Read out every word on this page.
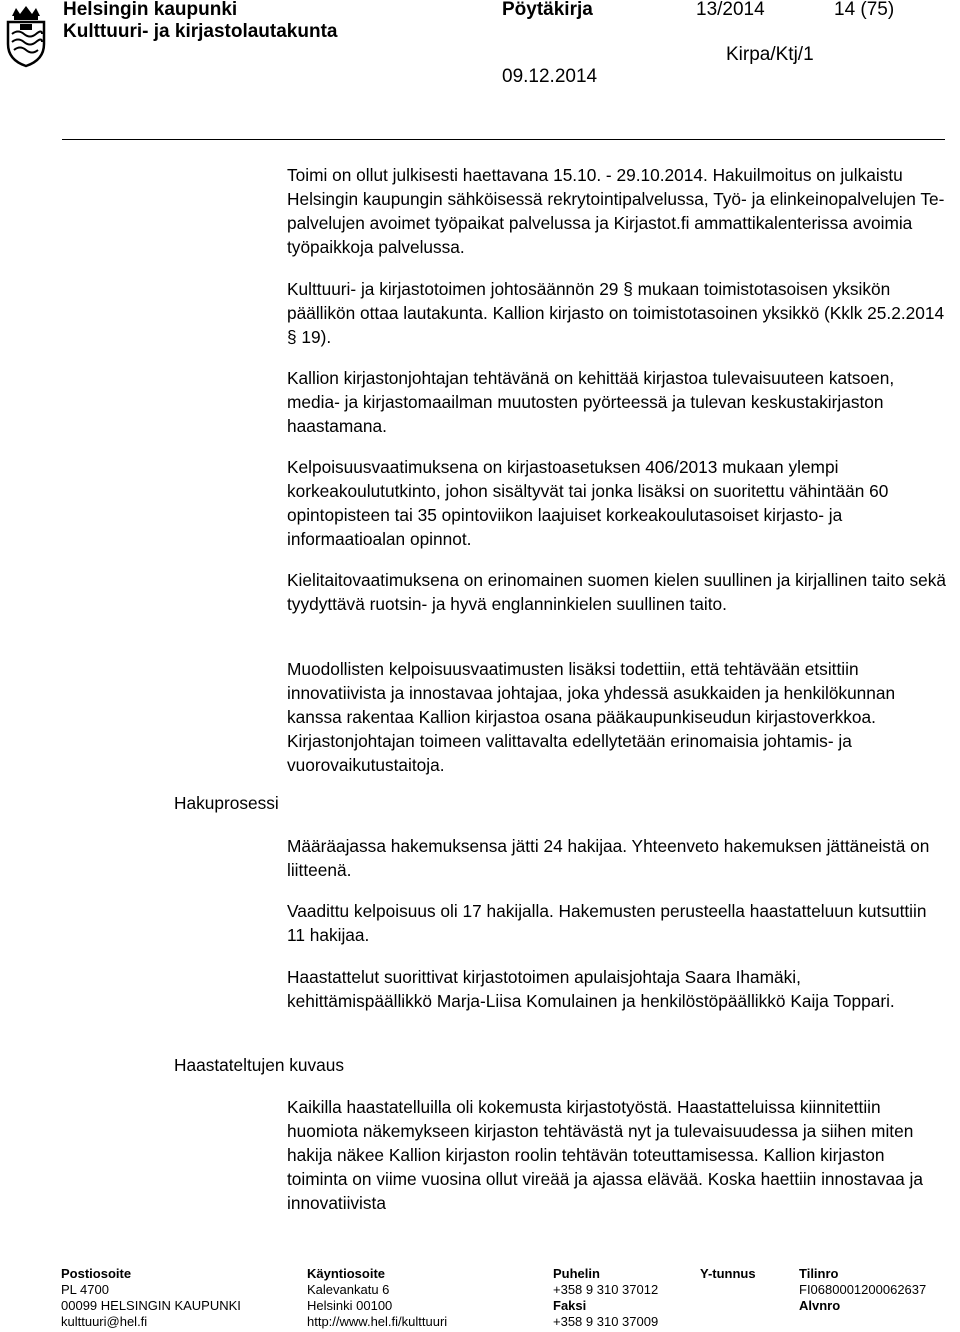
Helsingin kaupunki
Kulttuuri- ja kirjastolautakunta
Pöytäkirja	13/2014	14 (75)
Kirpa/Ktj/1
09.12.2014
Hakuprosessi
Haastateltujen kuvaus

Toimi on ollut julkisesti haettavana 15.10. - 29.10.2014. Hakuilmoitus on julkaistu Helsingin kaupungin sähköisessä rekrytointipalvelussa, Työ- ja elinkeinopalvelujen Te-palvelujen avoimet työpaikat palvelussa ja Kirjastot.fi ammattikalenterissa avoimia työpaikkoja palvelussa.

Kulttuuri- ja kirjastotoimen johtosäännön 29 § mukaan toimistotasoisen yksikön päällikön ottaa lautakunta. Kallion kirjasto on toimistotasoinen yksikkö (Kklk 25.2.2014 § 19).

Kallion kirjastonjohtajan tehtävänä on kehittää kirjastoa tulevaisuuteen katsoen, media- ja kirjastomaailman muutosten pyörteessä ja tulevan keskustakirjaston haastamana.

Kelpoisuusvaatimuksena on kirjastoasetuksen 406/2013 mukaan ylempi korkeakoulututkinto, johon sisältyvät tai jonka lisäksi on suoritettu vähintään 60 opintopisteen tai 35 opintoviikon laajuiset korkeakoulutasoiset kirjasto- ja informaatioalan opinnot.

Kielitaitovaatimuksena on erinomainen suomen kielen suullinen ja kirjallinen taito sekä tyydyttävä ruotsin- ja hyvä englanninkielen suullinen taito.

Muodollisten kelpoisuusvaatimusten lisäksi todettiin, että tehtävään etsittiin innovatiivista ja innostavaa johtajaa, joka yhdessä asukkaiden ja henkilökunnan kanssa rakentaa Kallion kirjastoa osana pääkaupunkiseudun kirjastoverkkoa. Kirjastonjohtajan toimeen valittavalta edellytetään erinomaisia johtamis- ja vuorovaikutustaitoja.

Määräajassa hakemuksensa jätti 24 hakijaa. Yhteenveto hakemuksen jättäneistä on liitteenä.

Vaadittu kelpoisuus oli 17 hakijalla. Hakemusten perusteella haastatteluun kutsuttiin 11 hakijaa.

Haastattelut suorittivat kirjastotoimen apulaisjohtaja Saara Ihamäki, kehittämispäällikkö Marja-Liisa Komulainen ja henkilöstöpäällikkö Kaija Toppari.

Kaikilla haastatelluilla oli kokemusta kirjastotyöstä. Haastatteluissa kiinnitettiin huomiota näkemykseen kirjaston tehtävästä nyt ja tulevaisuudessa ja siihen miten hakija näkee Kallion kirjaston roolin tehtävän toteuttamisessa. Kallion kirjaston toiminta on viime vuosina ollut vireää ja ajassa elävää. Koska haettiin innostavaa ja innovatiivista

Postiosoite
PL 4700
00099 HELSINGIN KAUPUNKI
kulttuuri@hel.fi
Käyntiosoite
Kalevankatu 6
Helsinki 00100
http://www.hel.fi/kulttuuri
Puhelin
+358 9 310 37012
Faksi
+358 9 310 37009
Y-tunnus	Tilinro
FI0680001200062637
Alvnro
